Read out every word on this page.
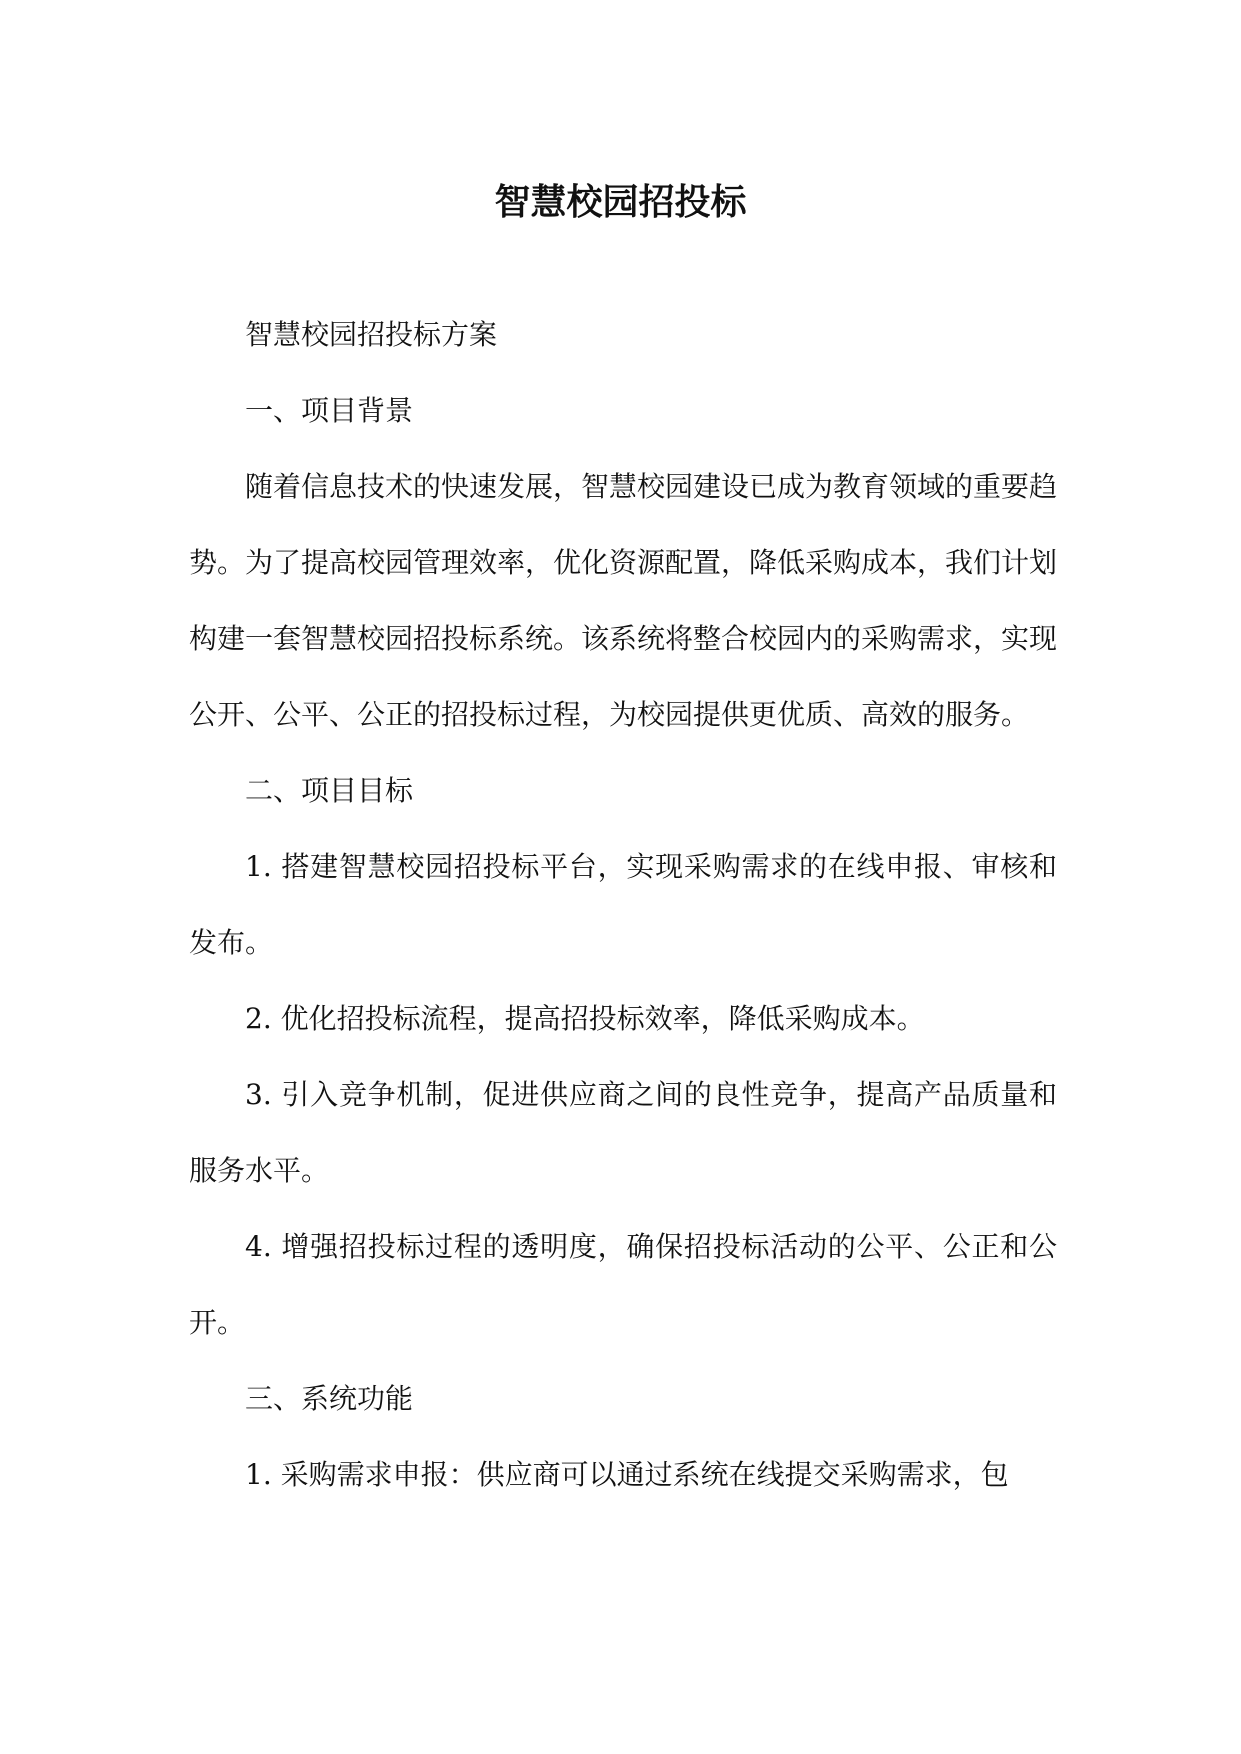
智慧校园招投标

智慧校园招投标方案

一、项目背景

随着信息技术的快速发展，智慧校园建设已成为教育领域的重要趋势。为了提高校园管理效率，优化资源配置，降低采购成本，我们计划构建一套智慧校园招投标系统。该系统将整合校园内的采购需求，实现公开、公平、公正的招投标过程，为校园提供更优质、高效的服务。

二、项目目标

1. 搭建智慧校园招投标平台，实现采购需求的在线申报、审核和发布。

2. 优化招投标流程，提高招投标效率，降低采购成本。

3. 引入竞争机制，促进供应商之间的良性竞争，提高产品质量和服务水平。

4. 增强招投标过程的透明度，确保招投标活动的公平、公正和公开。

三、系统功能

1. 采购需求申报：供应商可以通过系统在线提交采购需求，包
